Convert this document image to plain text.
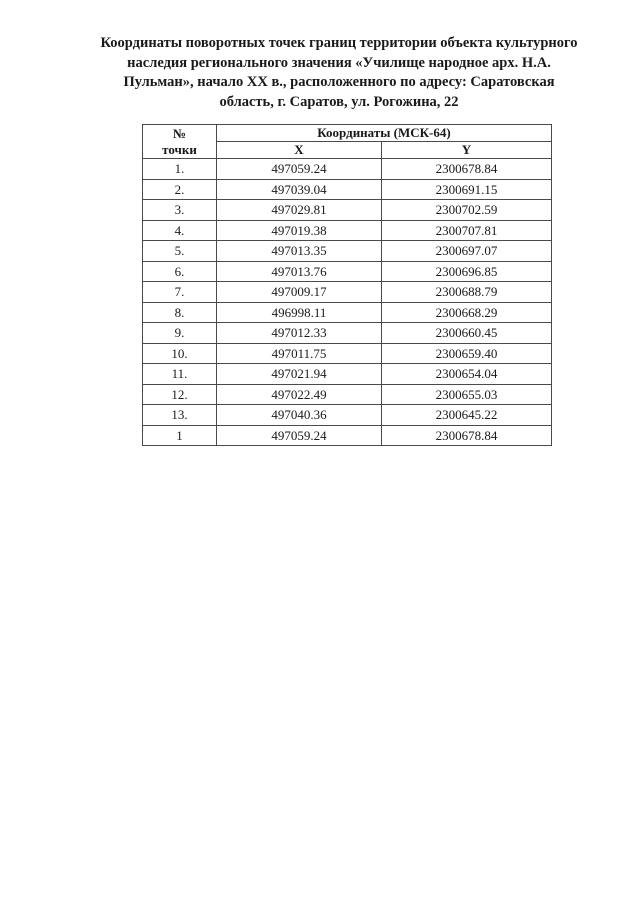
Координаты поворотных точек границ территории объекта культурного
наследия регионального значения «Училище народное арх. Н.А.
Пульман», начало XX в., расположенного по адресу: Саратовская
область, г. Саратов, ул. Рогожина, 22
№
точки	Координаты (МСК-64)	
	X	Y
1.	497059.24	2300678.84
2.	497039.04	2300691.15
3.	497029.81	2300702.59
4.	497019.38	2300707.81
5.	497013.35	2300697.07
6.	497013.76	2300696.85
7.	497009.17	2300688.79
8.	496998.11	2300668.29
9.	497012.33	2300660.45
10.	497011.75	2300659.40
11.	497021.94	2300654.04
12.	497022.49	2300655.03
13.	497040.36	2300645.22
1	497059.24	2300678.84
